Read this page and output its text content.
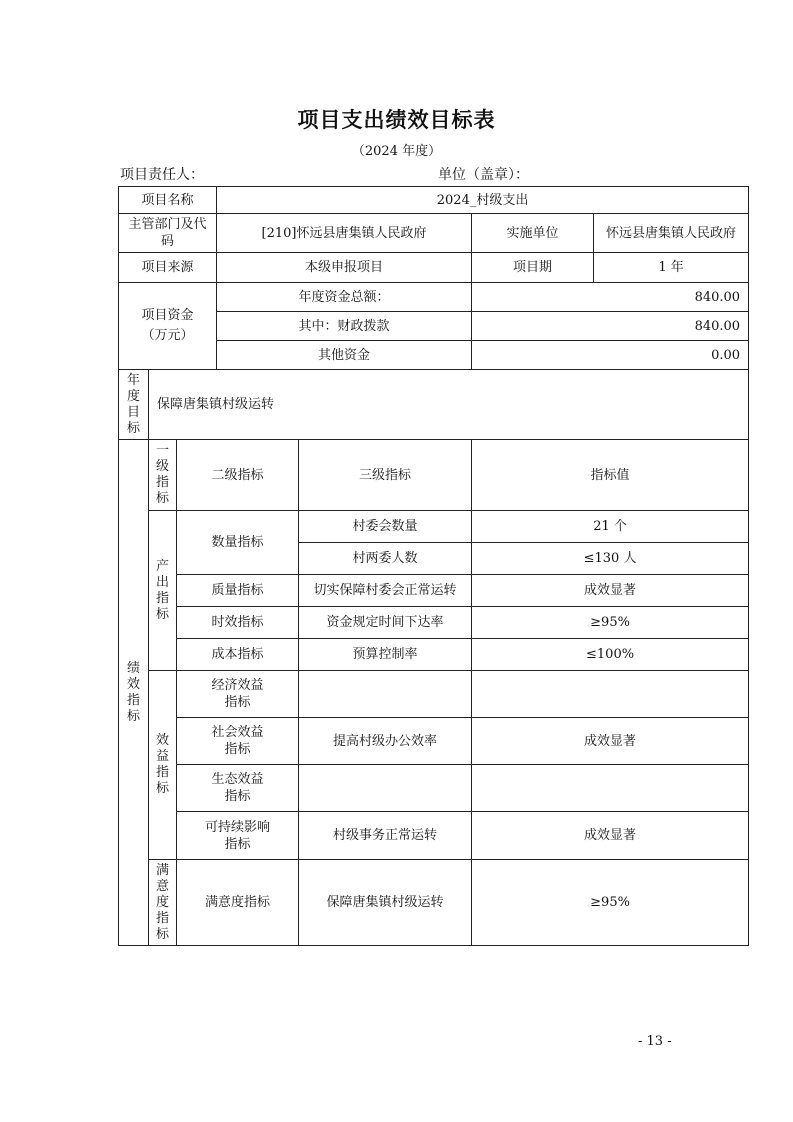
项目支出绩效目标表
（2024 年度）
项目责任人：	单位（盖章）：
项目名称			2024_村级支出			
主管部门及代码			[210]怀远县唐集镇人民政府		实施单位	怀远县唐集镇人民政府
项目来源			本级申报项目		项目期	1 年
项目资金（万元）			年度资金总额：		840.00	
			其中：财政拨款		840.00	
			其他资金		0.00	
年度目标	保障唐集镇村级运转					
绩效指标	一级指标	二级指标		三级指标	指标值	
	产出指标	数量指标		村委会数量	21 个	
				村两委人数	≤130 人	
		质量指标		切实保障村委会正常运转	成效显著	
		时效指标		资金规定时间下达率	≥95%	
		成本指标		预算控制率	≤100%	
	效益指标	经济效益指标				
		社会效益指标		提高村级办公效率	成效显著	
		生态效益指标				
		可持续影响指标		村级事务正常运转	成效显著	
	满意度指标	满意度指标		保障唐集镇村级运转	≥95%	
- 13 -
